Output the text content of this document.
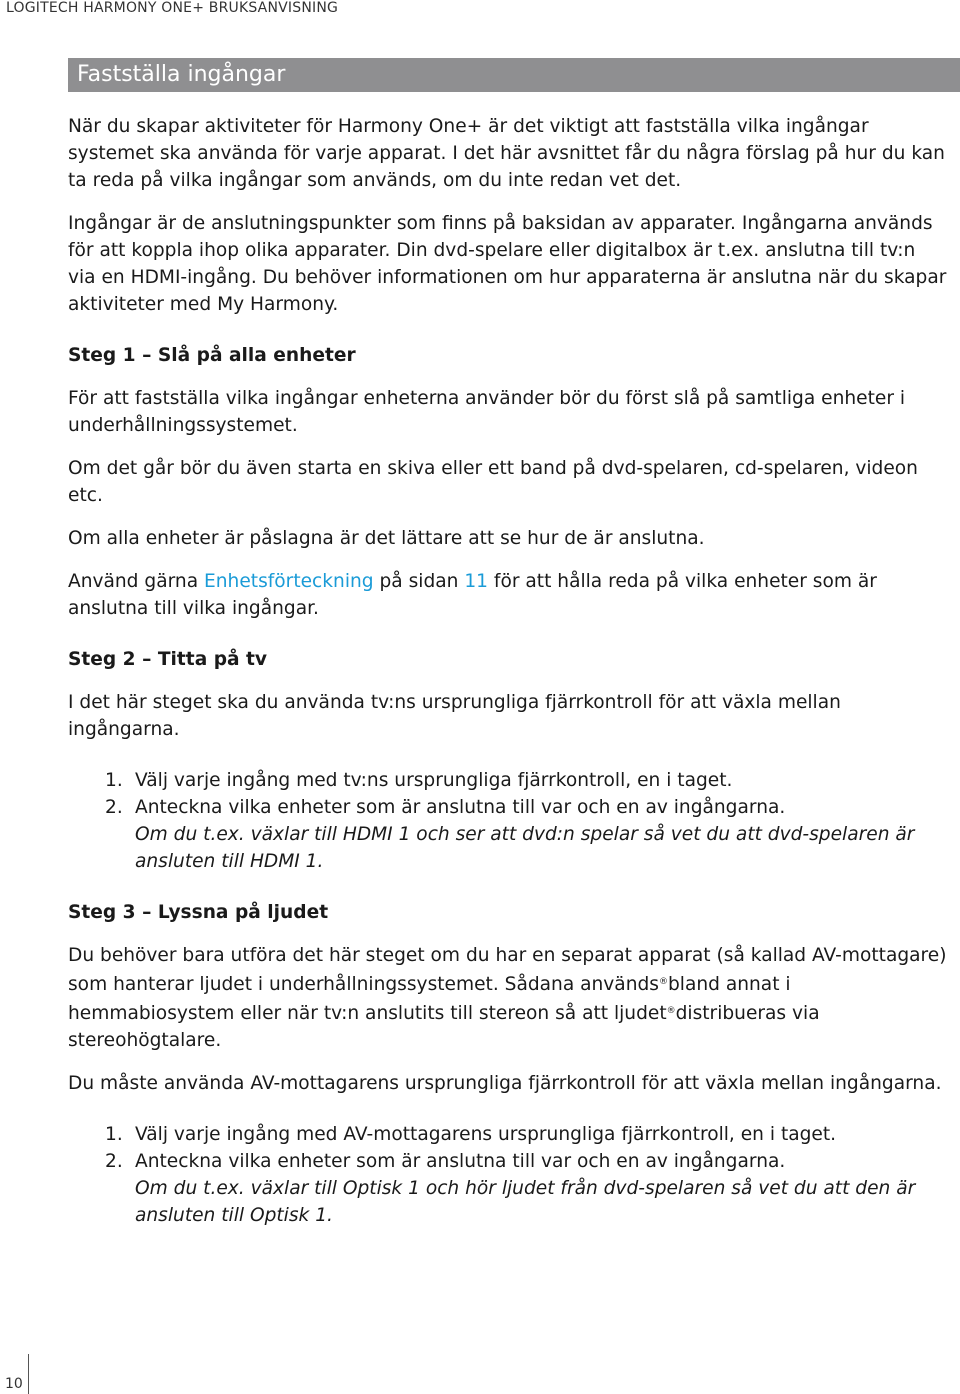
LOGITECH HARMONY ONE+ BRUKSANVISNING
Fastställa ingångar

När du skapar aktiviteter för Harmony One+ är det viktigt att fastställa vilka ingångar systemet ska använda för varje apparat. I det här avsnittet får du några förslag på hur du kan ta reda på vilka ingångar som används, om du inte redan vet det.

Ingångar är de anslutningspunkter som finns på baksidan av apparater. Ingångarna används för att koppla ihop olika apparater. Din dvd-spelare eller digitalbox är t.ex. anslutna till tv:n via en HDMI-ingång. Du behöver informationen om hur apparaterna är anslutna när du skapar aktiviteter med My Harmony.

Steg 1 – Slå på alla enheter

För att fastställa vilka ingångar enheterna använder bör du först slå på samtliga enheter i underhållningssystemet.

Om det går bör du även starta en skiva eller ett band på dvd-spelaren, cd-spelaren, videon etc.

Om alla enheter är påslagna är det lättare att se hur de är anslutna.

Använd gärna Enhetsförteckning på sidan 11 för att hålla reda på vilka enheter som är anslutna till vilka ingångar.

Steg 2 – Titta på tv

I det här steget ska du använda tv:ns ursprungliga fjärrkontroll för att växla mellan ingångarna.

1. Välj varje ingång med tv:ns ursprungliga fjärrkontroll, en i taget.
2. Anteckna vilka enheter som är anslutna till var och en av ingångarna.
Om du t.ex. växlar till HDMI 1 och ser att dvd:n spelar så vet du att dvd-spelaren är ansluten till HDMI 1.

Steg 3 – Lyssna på ljudet

Du behöver bara utföra det här steget om du har en separat apparat (så kallad AV-mottagare) som hanterar ljudet i underhållningssystemet. Sådana används®bland annat i hemmabiosystem eller när tv:n anslutits till stereon så att ljudet®distribueras via stereohögtalare.

Du måste använda AV-mottagarens ursprungliga fjärrkontroll för att växla mellan ingångarna.

1. Välj varje ingång med AV-mottagarens ursprungliga fjärrkontroll, en i taget.
2. Anteckna vilka enheter som är anslutna till var och en av ingångarna.
Om du t.ex. växlar till Optisk 1 och hör ljudet från dvd-spelaren så vet du att den är ansluten till Optisk 1.
10
